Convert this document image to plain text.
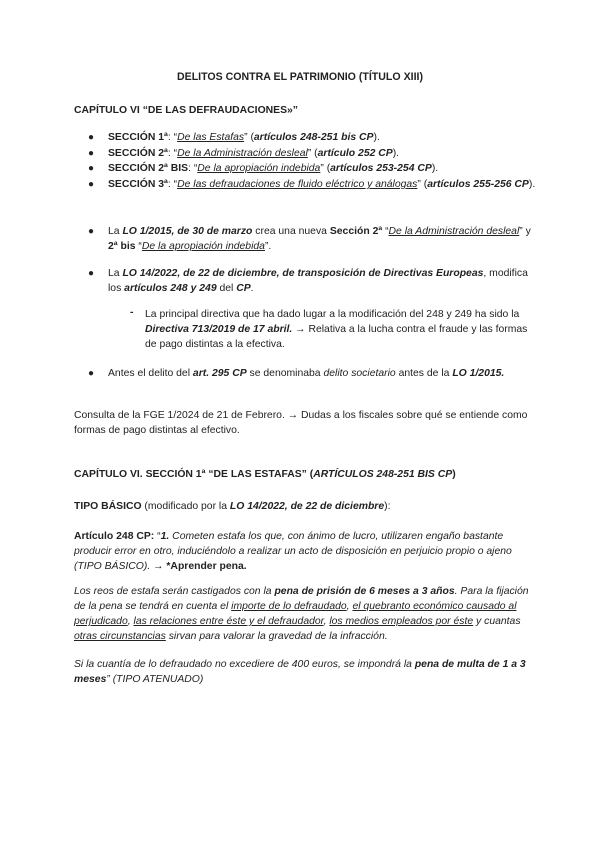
DELITOS CONTRA EL PATRIMONIO (TÍTULO XIII)

CAPÍTULO VI “DE LAS DEFRAUDACIONES»”

● SECCIÓN 1ª: “De las Estafas” (artículos 248-251 bis CP).
● SECCIÓN 2ª: “De la Administración desleal” (artículo 252 CP).
● SECCIÓN 2ª BIS: “De la apropiación indebida” (artículos 253-254 CP).
● SECCIÓN 3ª: “De las defraudaciones de fluido eléctrico y análogas” (artículos 255-256 CP).
● La LO 1/2015, de 30 de marzo crea una nueva Sección 2ª “De la Administración desleal” y 2ª bis “De la apropiación indebida”.
● La LO 14/2022, de 22 de diciembre, de transposición de Directivas Europeas, modifica los artículos 248 y 249 del CP.
- La principal directiva que ha dado lugar a la modificación del 248 y 249 ha sido la Directiva 713/2019 de 17 abril. → Relativa a la lucha contra el fraude y las formas de pago distintas a la efectiva.
● Antes el delito del art. 295 CP se denominaba delito societario antes de la LO 1/2015.

Consulta de la FGE 1/2024 de 21 de Febrero. → Dudas a los fiscales sobre qué se entiende como formas de pago distintas al efectivo.

CAPÍTULO VI. SECCIÓN 1ª “DE LAS ESTAFAS” (ARTÍCULOS 248-251 BIS CP)

TIPO BÁSICO (modificado por la LO 14/2022, de 22 de diciembre):

Artículo 248 CP: “1. Cometen estafa los que, con ánimo de lucro, utilizaren engaño bastante producir error en otro, induciéndolo a realizar un acto de disposición en perjuicio propio o ajeno (TIPO BÁSICO). → *Aprender pena.

Los reos de estafa serán castigados con la pena de prisión de 6 meses a 3 años. Para la fijación de la pena se tendrá en cuenta el importe de lo defraudado, el quebranto económico causado al perjudicado, las relaciones entre éste y el defraudador, los medios empleados por éste y cuantas otras circunstancias sirvan para valorar la gravedad de la infracción.

Si la cuantía de lo defraudado no excediere de 400 euros, se impondrá la pena de multa de 1 a 3 meses” (TIPO ATENUADO)
